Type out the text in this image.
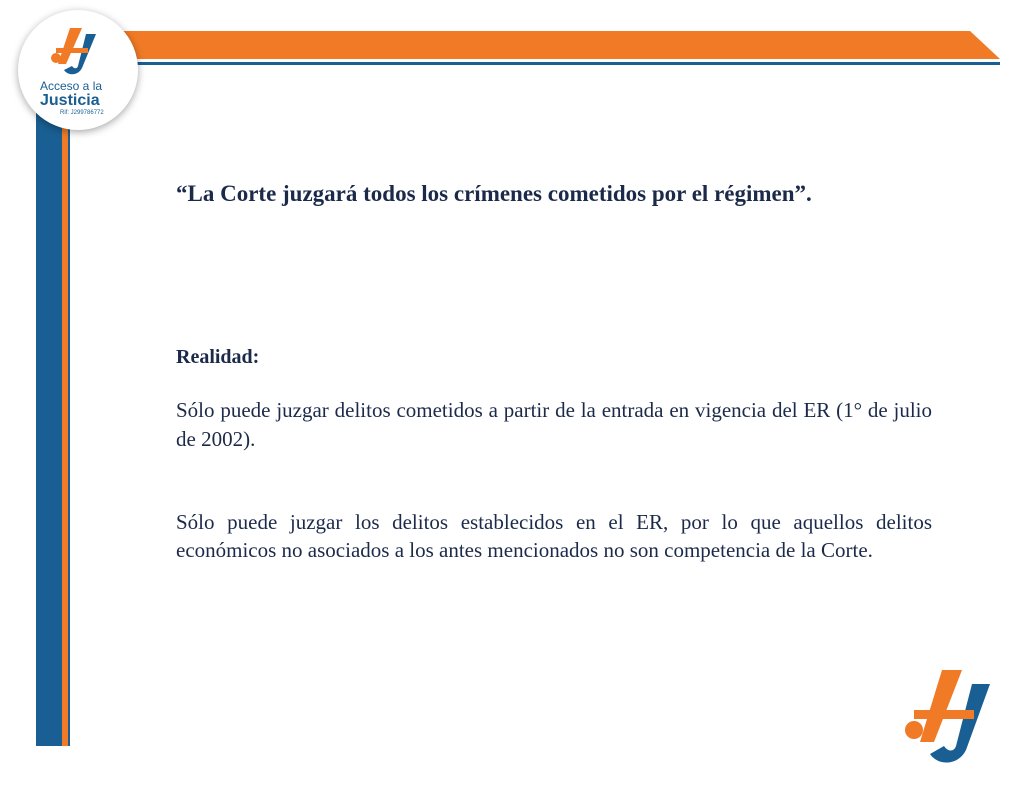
Acceso a la
Justicia
Rif: J299786772
“La Corte juzgará todos los crímenes cometidos por el régimen”.
Realidad:
Sólo puede juzgar delitos cometidos a partir de la entrada en vigencia del ER (1° de julio de 2002).
Sólo puede juzgar los delitos establecidos en el ER, por lo que aquellos delitos económicos no asociados a los antes mencionados no son competencia de la Corte.
